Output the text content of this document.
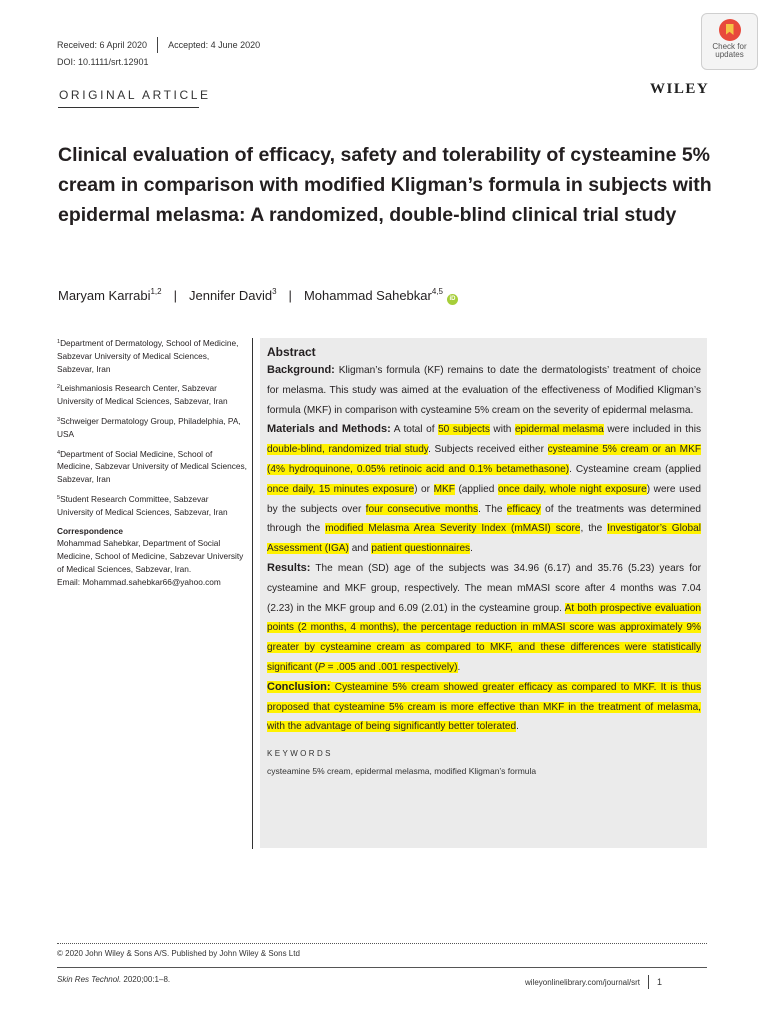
Received: 6 April 2020 Accepted: 4 June 2020
DOI: 10.1111/srt.12901
ORIGINAL ARTICLE	WILEY
Check for
updates
Clinical evaluation of efficacy, safety and tolerability of cysteamine 5% cream in comparison with modified Kligman’s formula in subjects with epidermal melasma: A randomized, double-blind clinical trial study
Maryam Karrabi$^{1,2}$ | Jennifer David$^3$ | Mohammad Sahebkar$^{4,5}$
iD
$^1$Department of Dermatology, School of Medicine, Sabzevar University of Medical Sciences, Sabzevar, Iran
$^2$Leishmaniosis Research Center, Sabzevar University of Medical Sciences, Sabzevar, Iran
$^3$Schweiger Dermatology Group, Philadelphia, PA, USA
$^4$Department of Social Medicine, School of Medicine, Sabzevar University of Medical Sciences, Sabzevar, Iran
$^5$Student Research Committee, Sabzevar University of Medical Sciences, Sabzevar, Iran
Correspondence
Mohammad Sahebkar, Department of Social Medicine, School of Medicine, Sabzevar University of Medical Sciences, Sabzevar, Iran.
Email: Mohammad.sahebkar66@yahoo.com
Abstract
Background: Kligman’s formula (KF) remains to date the dermatologists’ treatment of choice for melasma. This study was aimed at the evaluation of the effectiveness of Modified Kligman’s formula (MKF) in comparison with cysteamine 5% cream on the severity of epidermal melasma.
Materials and Methods: A total of 50 subjects with epidermal melasma were included in this double-blind, randomized trial study. Subjects received either cysteamine 5% cream or an MKF (4% hydroquinone, 0.05% retinoic acid and 0.1% betamethasone). Cysteamine cream (applied once daily, 15 minutes exposure) or MKF (applied once daily, whole night exposure) were used by the subjects over four consecutive months. The efficacy of the treatments was determined through the modified Melasma Area Severity Index (mMASI) score, the Investigator’s Global Assessment (IGA) and patient questionnaires.
Results: The mean (SD) age of the subjects was 34.96 (6.17) and 35.76 (5.23) years for cysteamine and MKF group, respectively. The mean mMASI score after 4 months was 7.04 (2.23) in the MKF group and 6.09 (2.01) in the cysteamine group. At both prospective evaluation points (2 months, 4 months), the percentage reduction in mMASI score was approximately 9% greater by cysteamine cream as compared to MKF, and these differences were statistically significant (P = .005 and .001 respectively).
Conclusion: Cysteamine 5% cream showed greater efficacy as compared to MKF. It is thus proposed that cysteamine 5% cream is more effective than MKF in the treatment of melasma, with the advantage of being significantly better tolerated.
KEYWORDS
cysteamine 5% cream, epidermal melasma, modified Kligman’s formula
© 2020 John Wiley & Sons A/S. Published by John Wiley & Sons Ltd
Skin Res Technol. 2020;00:1–8.	wileyonlinelibrary.com/journal/srt 1
